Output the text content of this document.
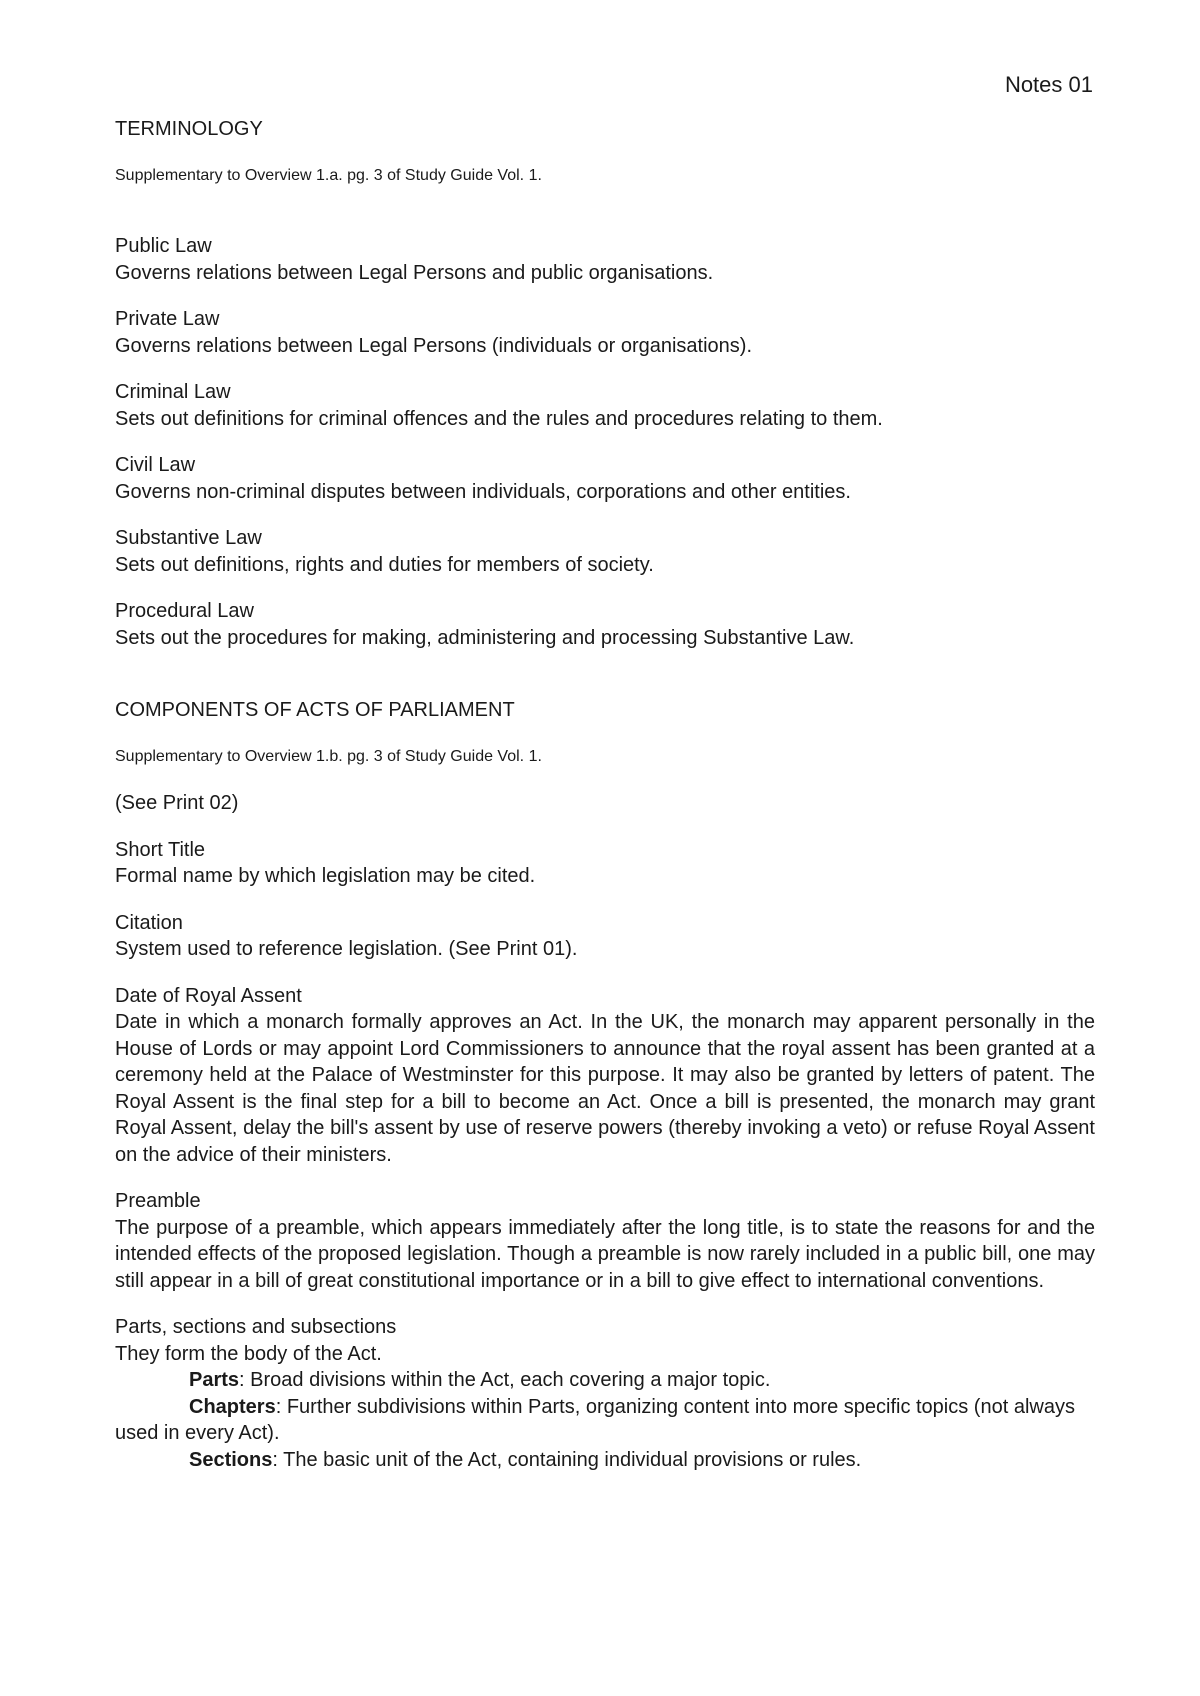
Notes 01
TERMINOLOGY
Supplementary to Overview 1.a. pg. 3 of Study Guide Vol. 1.
Public Law
Governs relations between Legal Persons and public organisations.
Private Law
Governs relations between Legal Persons (individuals or organisations).
Criminal Law
Sets out definitions for criminal offences and the rules and procedures relating to them.
Civil Law
Governs non-criminal disputes between individuals, corporations and other entities.
Substantive Law
Sets out definitions, rights and duties for members of society.
Procedural Law
Sets out the procedures for making, administering and processing Substantive Law.
COMPONENTS OF ACTS OF PARLIAMENT
Supplementary to Overview 1.b. pg. 3 of Study Guide Vol. 1.
(See Print 02)
Short Title
Formal name by which legislation may be cited.
Citation
System used to reference legislation. (See Print 01).
Date of Royal Assent
Date in which a monarch formally approves an Act. In the UK, the monarch may apparent personally in the House of Lords or may appoint Lord Commissioners to announce that the royal assent has been granted at a ceremony held at the Palace of Westminster for this purpose. It may also be granted by letters of patent. The Royal Assent is the final step for a bill to become an Act. Once a bill is presented, the monarch may grant Royal Assent, delay the bill's assent by use of reserve powers (thereby invoking a veto) or refuse Royal Assent on the advice of their ministers.
Preamble
The purpose of a preamble, which appears immediately after the long title, is to state the reasons for and the intended effects of the proposed legislation. Though a preamble is now rarely included in a public bill, one may still appear in a bill of great constitutional importance or in a bill to give effect to international conventions.
Parts, sections and subsections
They form the body of the Act.
Parts: Broad divisions within the Act, each covering a major topic.
Chapters: Further subdivisions within Parts, organizing content into more specific topics (not always used in every Act).
Sections: The basic unit of the Act, containing individual provisions or rules.
